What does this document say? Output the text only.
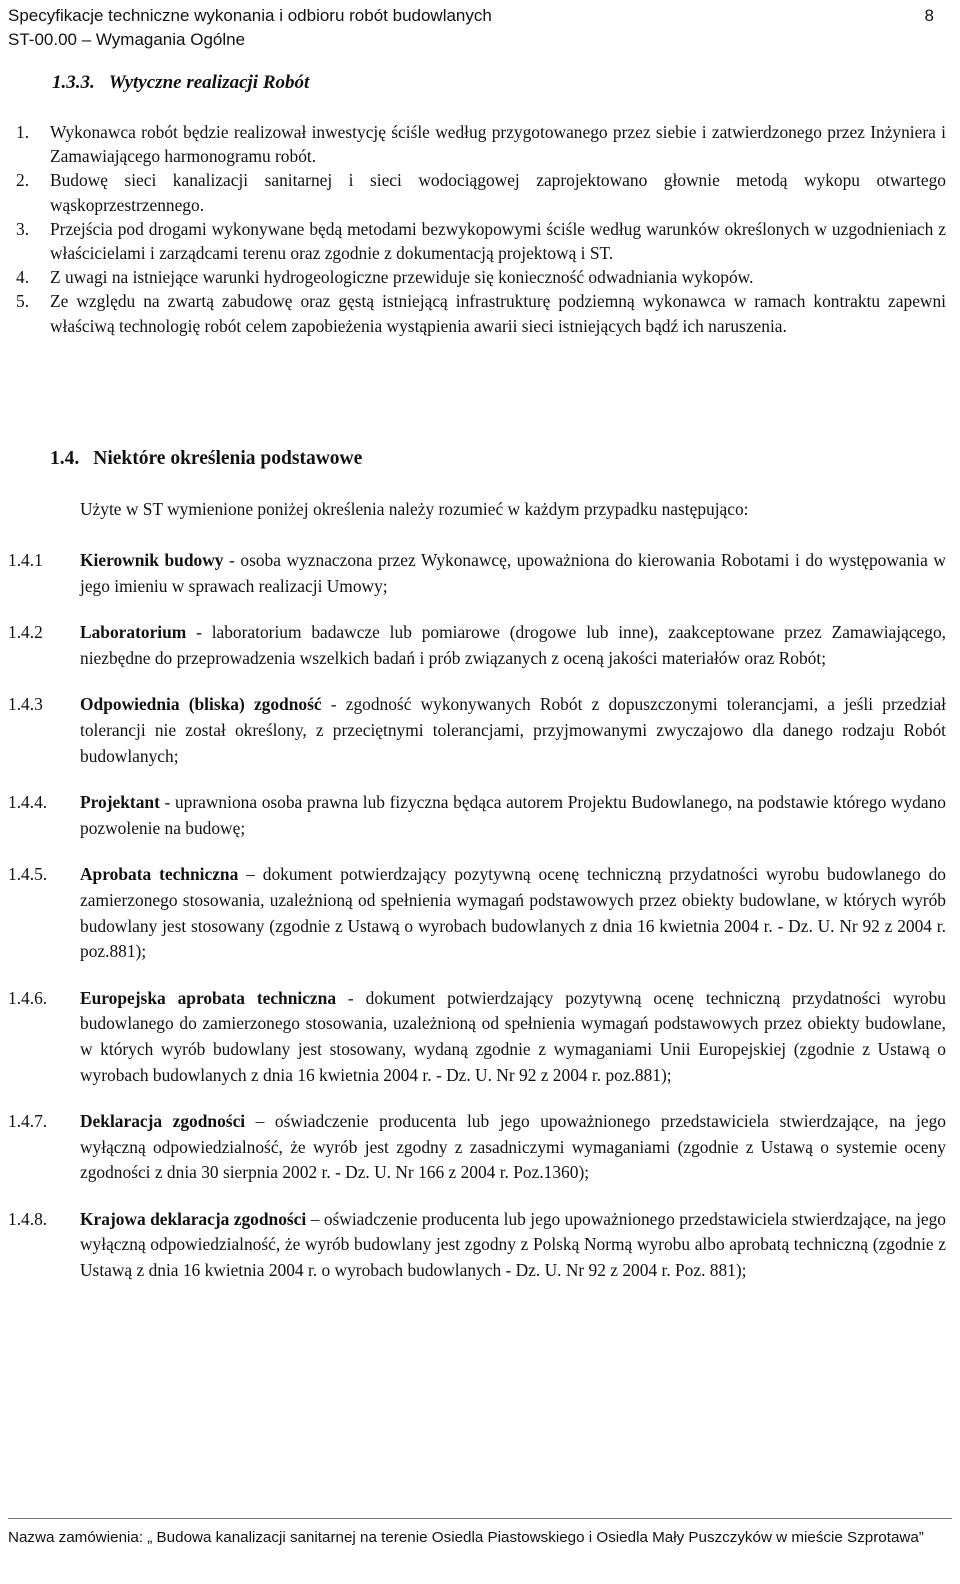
Specyfikacje techniczne wykonania i odbioru robót budowlanych
ST-00.00 – Wymagania Ogólne
8
1.3.3. Wytyczne realizacji Robót
1. Wykonawca robót będzie realizował inwestycję ściśle według przygotowanego przez siebie i zatwierdzonego przez Inżyniera i Zamawiającego harmonogramu robót.
2. Budowę sieci kanalizacji sanitarnej i sieci wodociągowej zaprojektowano głownie metodą wykopu otwartego wąskoprzestrzennego.
3. Przejścia pod drogami wykonywane będą metodami bezwykopowymi ściśle według warunków określonych w uzgodnieniach z właścicielami i zarządcami terenu oraz zgodnie z dokumentacją projektową i ST.
4. Z uwagi na istniejące warunki hydrogeologiczne przewiduje się konieczność odwadniania wykopów.
5. Ze względu na zwartą zabudowę oraz gęstą istniejącą infrastrukturę podziemną wykonawca w ramach kontraktu zapewni właściwą technologię robót celem zapobieżenia wystąpienia awarii sieci istniejących bądź ich naruszenia.
1.4. Niektóre określenia podstawowe
Użyte w ST wymienione poniżej określenia należy rozumieć w każdym przypadku następująco:
1.4.1 Kierownik budowy - osoba wyznaczona przez Wykonawcę, upoważniona do kierowania Robotami i do występowania w jego imieniu w sprawach realizacji Umowy;
1.4.2 Laboratorium - laboratorium badawcze lub pomiarowe (drogowe lub inne), zaakceptowane przez Zamawiającego, niezbędne do przeprowadzenia wszelkich badań i prób związanych z oceną jakości materiałów oraz Robót;
1.4.3 Odpowiednia (bliska) zgodność - zgodność wykonywanych Robót z dopuszczonymi tolerancjami, a jeśli przedział tolerancji nie został określony, z przeciętnymi tolerancjami, przyjmowanymi zwyczajowo dla danego rodzaju Robót budowlanych;
1.4.4. Projektant - uprawniona osoba prawna lub fizyczna będąca autorem Projektu Budowlanego, na podstawie którego wydano pozwolenie na budowę;
1.4.5. Aprobata techniczna – dokument potwierdzający pozytywną ocenę techniczną przydatności wyrobu budowlanego do zamierzonego stosowania, uzależnioną od spełnienia wymagań podstawowych przez obiekty budowlane, w których wyrób budowlany jest stosowany (zgodnie z Ustawą o wyrobach budowlanych z dnia 16 kwietnia 2004 r. - Dz. U. Nr 92 z 2004 r. poz.881);
1.4.6. Europejska aprobata techniczna - dokument potwierdzający pozytywną ocenę techniczną przydatności wyrobu budowlanego do zamierzonego stosowania, uzależnioną od spełnienia wymagań podstawowych przez obiekty budowlane, w których wyrób budowlany jest stosowany, wydaną zgodnie z wymaganiami Unii Europejskiej (zgodnie z Ustawą o wyrobach budowlanych z dnia 16 kwietnia 2004 r. - Dz. U. Nr 92 z 2004 r. poz.881);
1.4.7. Deklaracja zgodności – oświadczenie producenta lub jego upoważnionego przedstawiciela stwierdzające, na jego wyłączną odpowiedzialność, że wyrób jest zgodny z zasadniczymi wymaganiami (zgodnie z Ustawą o systemie oceny zgodności z dnia 30 sierpnia 2002 r. - Dz. U. Nr 166 z 2004 r. Poz.1360);
1.4.8. Krajowa deklaracja zgodności – oświadczenie producenta lub jego upoważnionego przedstawiciela stwierdzające, na jego wyłączną odpowiedzialność, że wyrób budowlany jest zgodny z Polską Normą wyrobu albo aprobatą techniczną (zgodnie z Ustawą z dnia 16 kwietnia 2004 r. o wyrobach budowlanych - Dz. U. Nr 92 z 2004 r. Poz. 881);
Nazwa zamówienia: „ Budowa kanalizacji sanitarnej na terenie Osiedla Piastowskiego i Osiedla Mały Puszczyków w mieście Szprotawa”
